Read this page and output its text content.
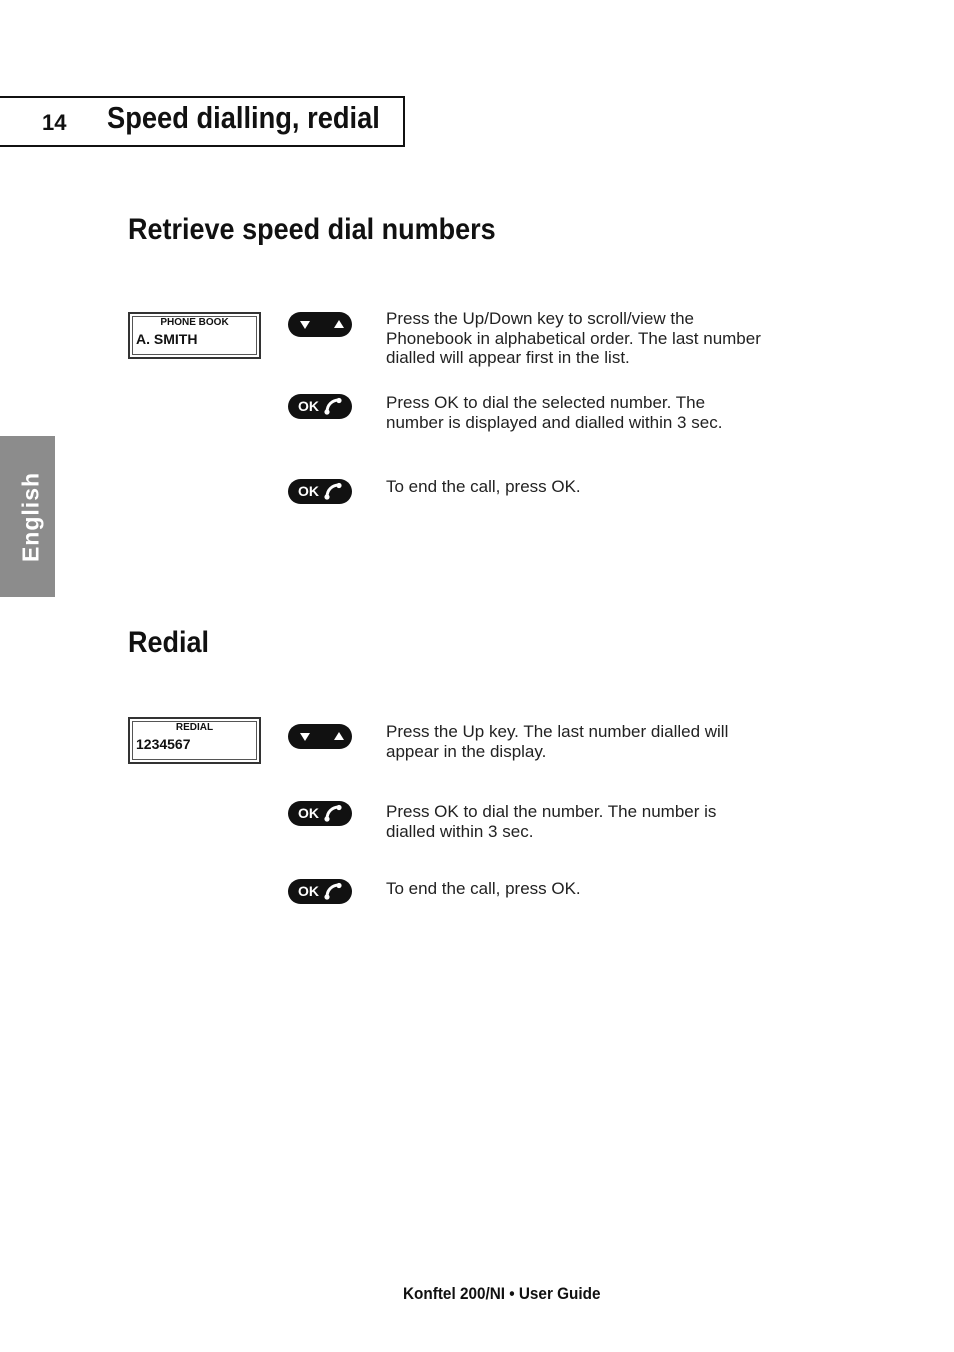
14 Speed dialling, redial
English
Retrieve speed dial numbers
PHONE BOOK
A. SMITH
Press the Up/Down key to scroll/view the Phonebook in alphabetical order. The last number dialled will appear first in the list.
OK	Press OK to dial the selected number. The number is displayed and dialled within 3 sec.
OK	To end the call, press OK.
Redial
REDIAL
1234567
Press the Up key. The last number dialled will appear in the display.
OK	Press OK to dial the number. The number is dialled within 3 sec.
OK	To end the call, press OK.
Konftel 200/NI • User Guide
